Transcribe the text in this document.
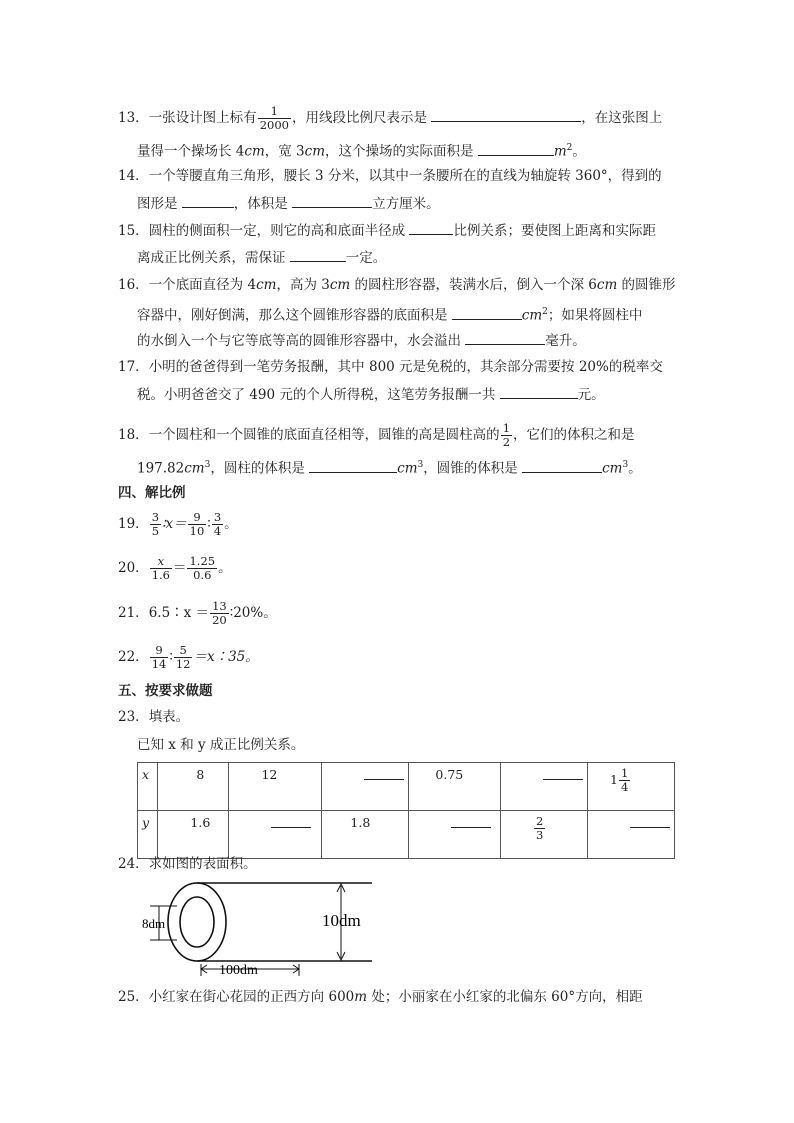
13．一张设计图上标有 $\frac{1}{2000}$ ，用线段比例尺表示是	，在这张图上
量得一个操场长 4cm，宽 3cm，这个操场的实际面积是	$m^2$。
14．一个等腰直角三角形，腰长 3 分米，以其中一条腰所在的直线为轴旋转 360°，得到的
图形是	，体积是	立方厘米。
15．圆柱的侧面积一定，则它的高和底面半径成	比例关系；要使图上距离和实际距
离成正比例关系，需保证	一定。
16．一个底面直径为 4cm，高为 3cm 的圆柱形容器，装满水后，倒入一个深 6cm 的圆锥形
容器中，刚好倒满，那么这个圆锥形容器的底面积是	$cm^2$；如果将圆柱中
的水倒入一个与它等底等高的圆锥形容器中，水会溢出	毫升。
17．小明的爸爸得到一笔劳务报酬，其中 800 元是免税的，其余部分需要按 20%的税率交
税。小明爸爸交了 490 元的个人所得税，这笔劳务报酬一共	元。
18．一个圆柱和一个圆锥的底面直径相等，圆锥的高是圆柱高的 $\frac{1}{2}$ ，它们的体积之和是
$197.82cm^3$，圆柱的体积是	$cm^3$，圆锥的体积是	$cm^3$。
四、解比例
19． $\frac{3}{5}$ ∶x＝ $\frac{9}{10}$ ∶ $\frac{3}{4}$ 。
20． $\frac{x}{1.6} = \frac{1.25}{0.6}$ 。
21．6.5∶x ＝ $\frac{13}{20}$ ∶20%。
22． $\frac{9}{14}$ ∶ $\frac{5}{12}$ ＝x∶35。
五、按要求做题
23．填表。
已知 x 和 y 成正比例关系。
x	8	12		0.75		$1 \frac{1}{4}$

y	1.6		1.8		$\frac{2}{3}$

24．求如图的表面积。
8dm	10dm
100dm
25．小红家在街心花园的正西方向 600m 处；小丽家在小红家的北偏东 60°方向，相距
